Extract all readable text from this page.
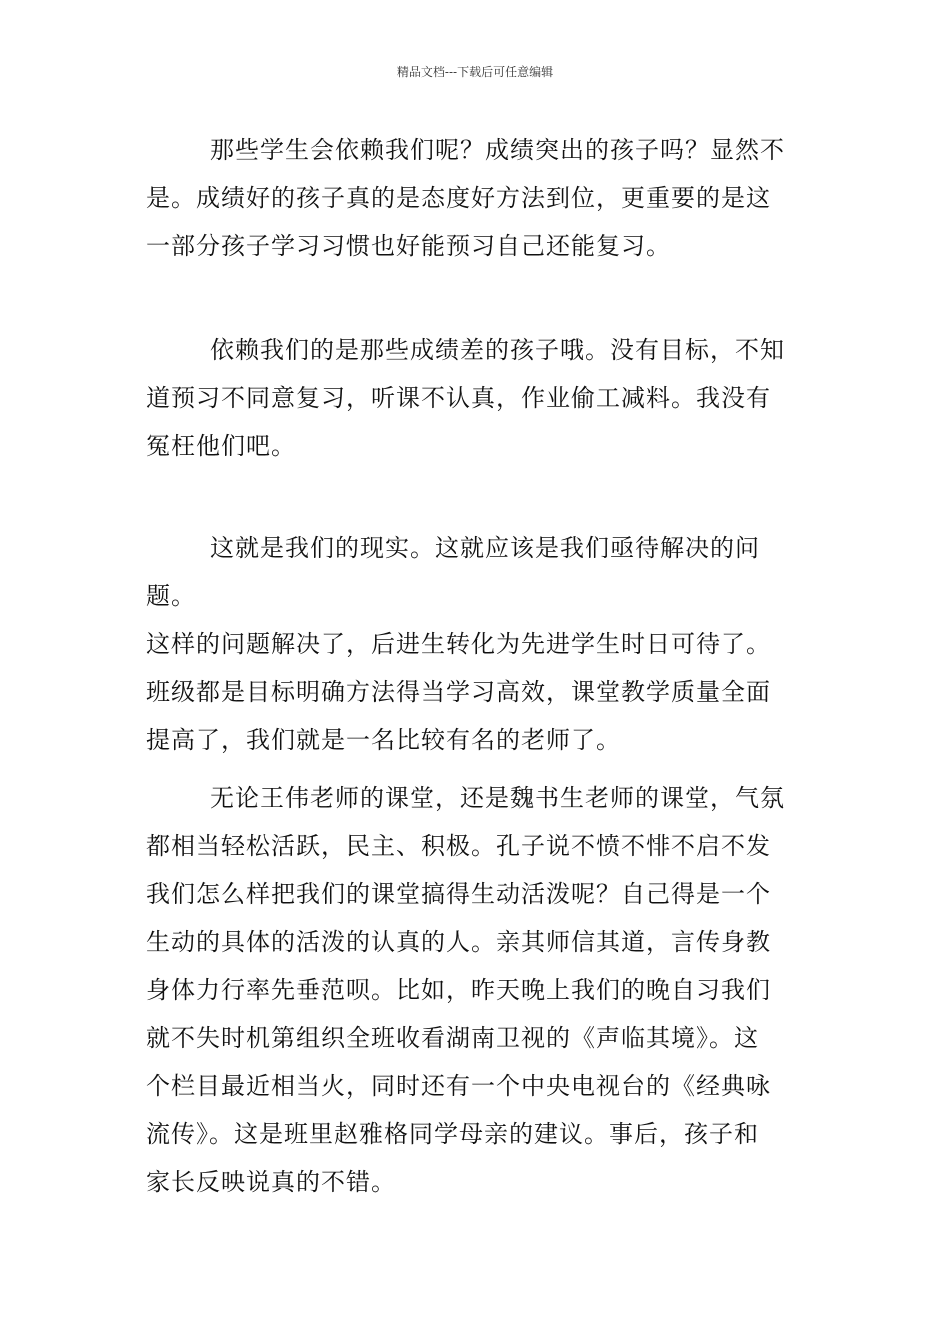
精品文档---下载后可任意编辑

那些学生会依赖我们呢？成绩突出的孩子吗？显然不
是。成绩好的孩子真的是态度好方法到位，更重要的是这
一部分孩子学习习惯也好能预习自己还能复习。

依赖我们的是那些成绩差的孩子哦。没有目标，不知
道预习不同意复习，听课不认真，作业偷工减料。我没有
冤枉他们吧。

这就是我们的现实。这就应该是我们亟待解决的问题。
这样的问题解决了，后进生转化为先进学生时日可待了。
班级都是目标明确方法得当学习高效，课堂教学质量全面
提高了，我们就是一名比较有名的老师了。

无论王伟老师的课堂，还是魏书生老师的课堂，气氛
都相当轻松活跃，民主、积极。孔子说不愤不悱不启不发
我们怎么样把我们的课堂搞得生动活泼呢？自己得是一个
生动的具体的活泼的认真的人。亲其师信其道，言传身教
身体力行率先垂范呗。比如，昨天晚上我们的晚自习我们
就不失时机第组织全班收看湖南卫视的《声临其境》。这
个栏目最近相当火，同时还有一个中央电视台的《经典咏
流传》。这是班里赵雅格同学母亲的建议。事后，孩子和
家长反映说真的不错。
